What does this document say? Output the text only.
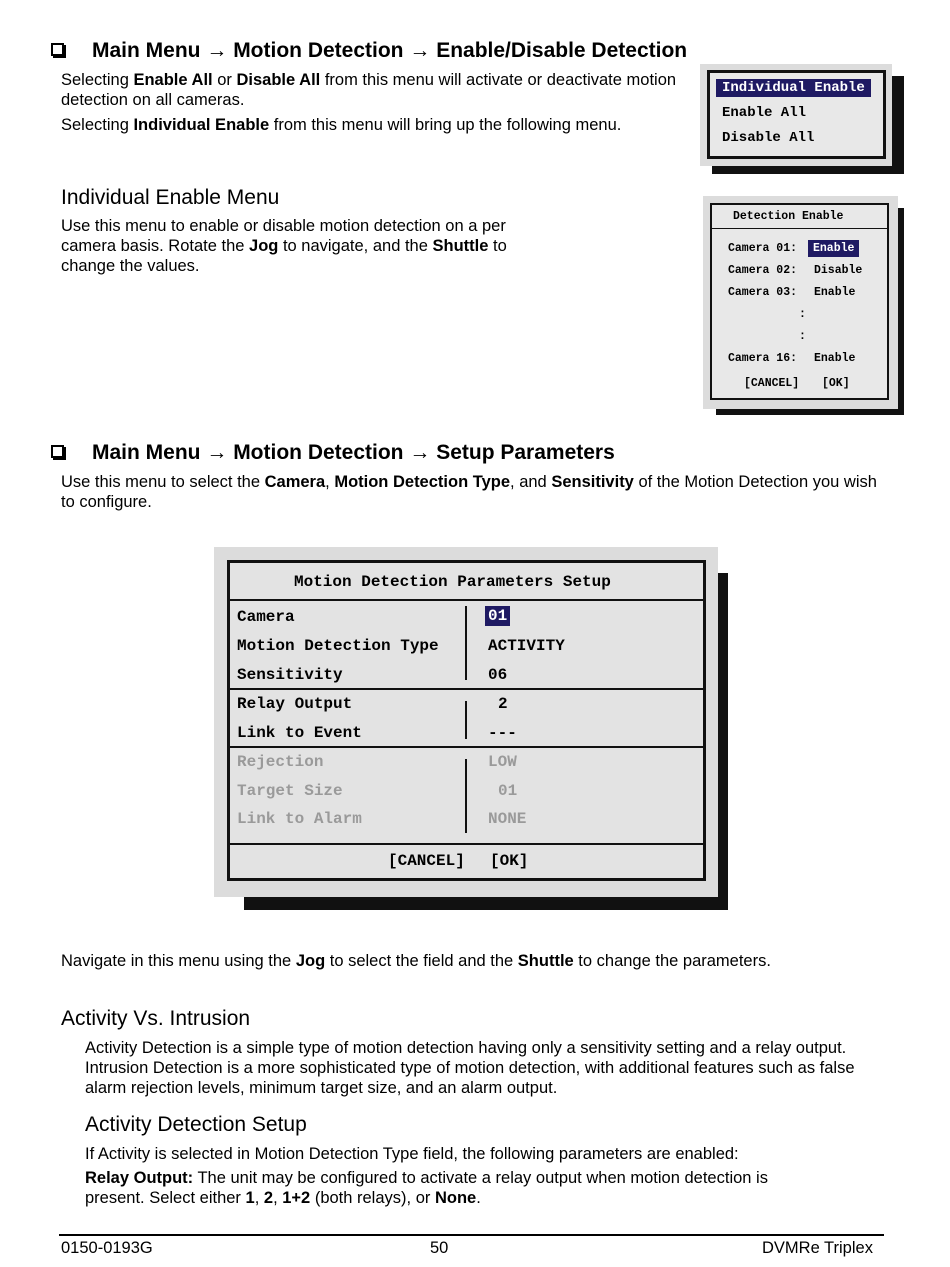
Main Menu → Motion Detection → Enable/Disable Detection

Selecting Enable All or Disable All from this menu will activate or deactivate motion detection on all cameras.

Selecting Individual Enable from this menu will bring up the following menu.

Individual Enable
Enable All
Disable All
Individual Enable Menu

Use this menu to enable or disable motion detection on a per camera basis. Rotate the Jog to navigate, and the Shuttle to change the values.

Detection Enable
Camera 01:	Enable
Camera 02: Disable
Camera 03: Enable
:
:
Camera 16: Enable
[CANCEL] [OK]
Main Menu → Motion Detection → Setup Parameters

Use this menu to select the Camera, Motion Detection Type, and Sensitivity of the Motion Detection you wish to configure.

Motion Detection Parameters Setup
Camera	01
Motion Detection Type	ACTIVITY
Sensitivity	06
Relay Output	2
Link to Event	---
Rejection	LOW
Target Size	01
Link to Alarm	NONE
[CANCEL] [OK]

Navigate in this menu using the Jog to select the field and the Shuttle to change the parameters.

Activity Vs. Intrusion

Activity Detection is a simple type of motion detection having only a sensitivity setting and a relay output. Intrusion Detection is a more sophisticated type of motion detection, with additional features such as false alarm rejection levels, minimum target size, and an alarm output.

Activity Detection Setup

If Activity is selected in Motion Detection Type field, the following parameters are enabled:

Relay Output: The unit may be configured to activate a relay output when motion detection is present. Select either 1, 2, 1+2 (both relays), or None.

0150-0193G	50	DVMRe Triplex
